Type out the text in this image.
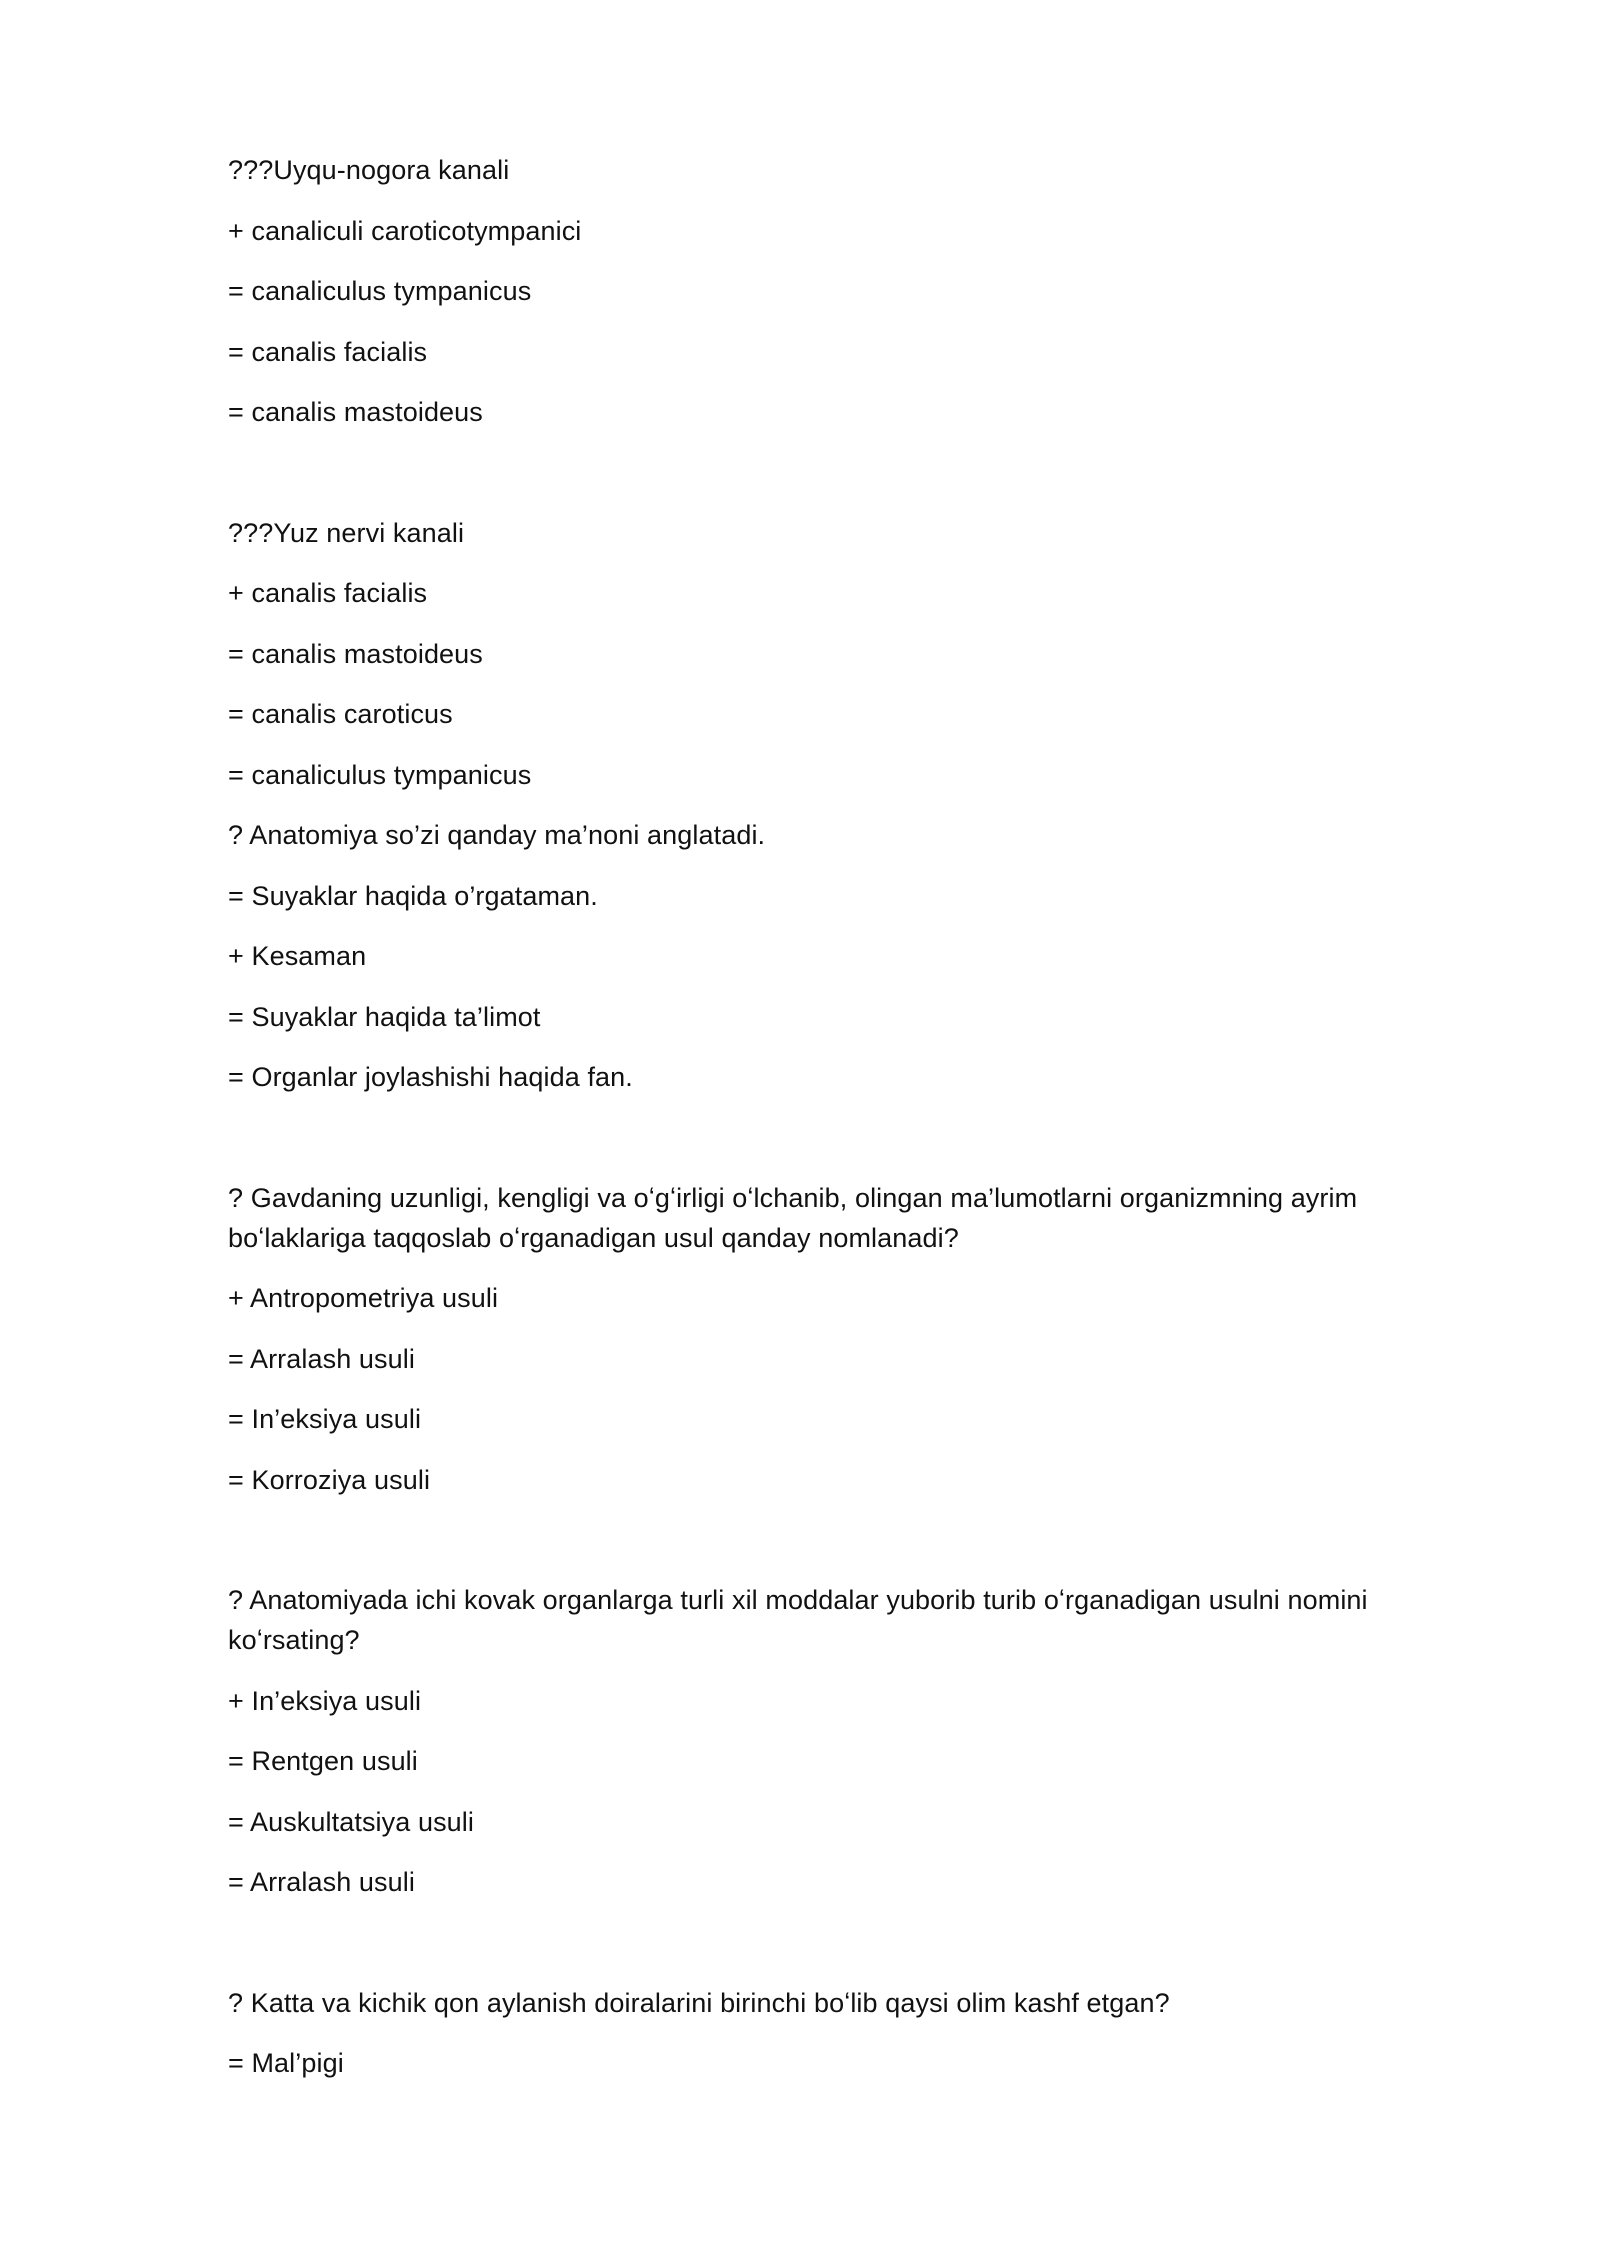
???Uyqu-nogora kanali
+ canaliculi caroticotympanici
= canaliculus tympanicus
= canalis facialis
= canalis mastoideus
???Yuz nervi kanali
+ canalis facialis
= canalis mastoideus
= canalis caroticus
= canaliculus tympanicus
? Anatomiya so’zi qanday ma’noni anglatadi.
= Suyaklar haqida o’rgataman.
+ Kesaman
= Suyaklar haqida ta’limot
= Organlar joylashishi haqida fan.
? Gavdaning uzunligi, kengligi va oʻgʻirligi oʻlchanib, olingan ma’lumotlarni organizmning ayrim boʻlaklariga taqqoslab oʻrganadigan usul qanday nomlanadi?
+ Antropometriya usuli
= Arralash usuli
= In’eksiya usuli
= Korroziya usuli
? Anatomiyada ichi kovak organlarga turli xil moddalar yuborib turib oʻrganadigan usulni nomini koʻrsating?
+ In’eksiya usuli
= Rentgen usuli
= Auskultatsiya usuli
= Arralash usuli
? Katta va kichik qon aylanish doiralarini birinchi boʻlib qaysi olim kashf etgan?
= Mal’pigi
